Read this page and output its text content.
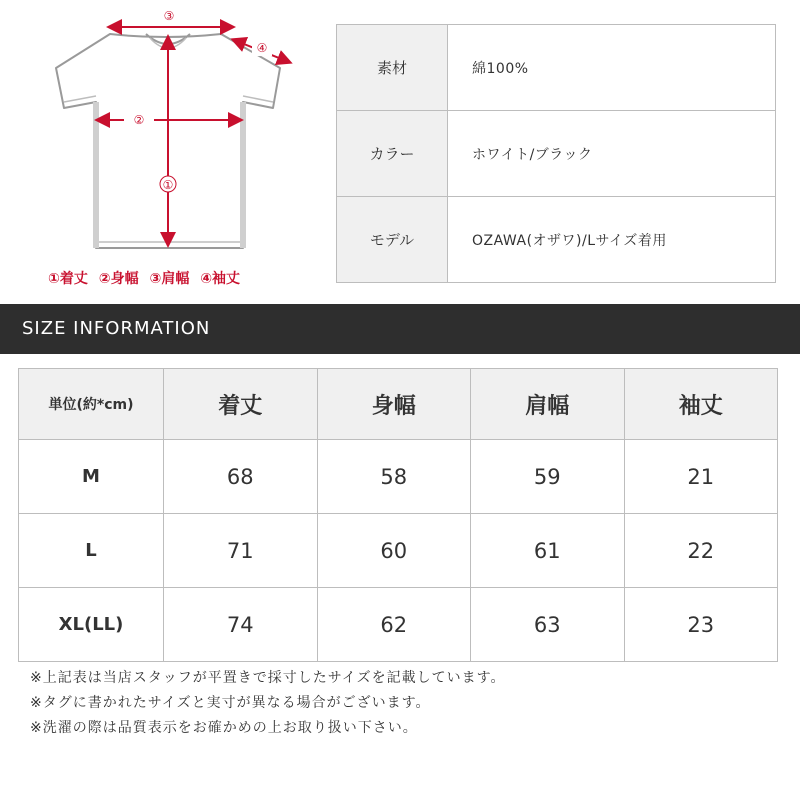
①
②
③
④
①着丈 ②身幅 ③肩幅 ④袖丈
素材	綿100%
カラー	ホワイト/ブラック
モデル	OZAWA(オザワ)/Lサイズ着用
SIZE INFORMATION
単位(約*cm)	着丈	身幅	肩幅	袖丈
M	68	58	59	21
L	71	60	61	22
XL(LL)	74	62	63	23
※上記表は当店スタッフが平置きで採寸したサイズを記載しています。
※タグに書かれたサイズと実寸が異なる場合がございます。
※洗濯の際は品質表示をお確かめの上お取り扱い下さい。
